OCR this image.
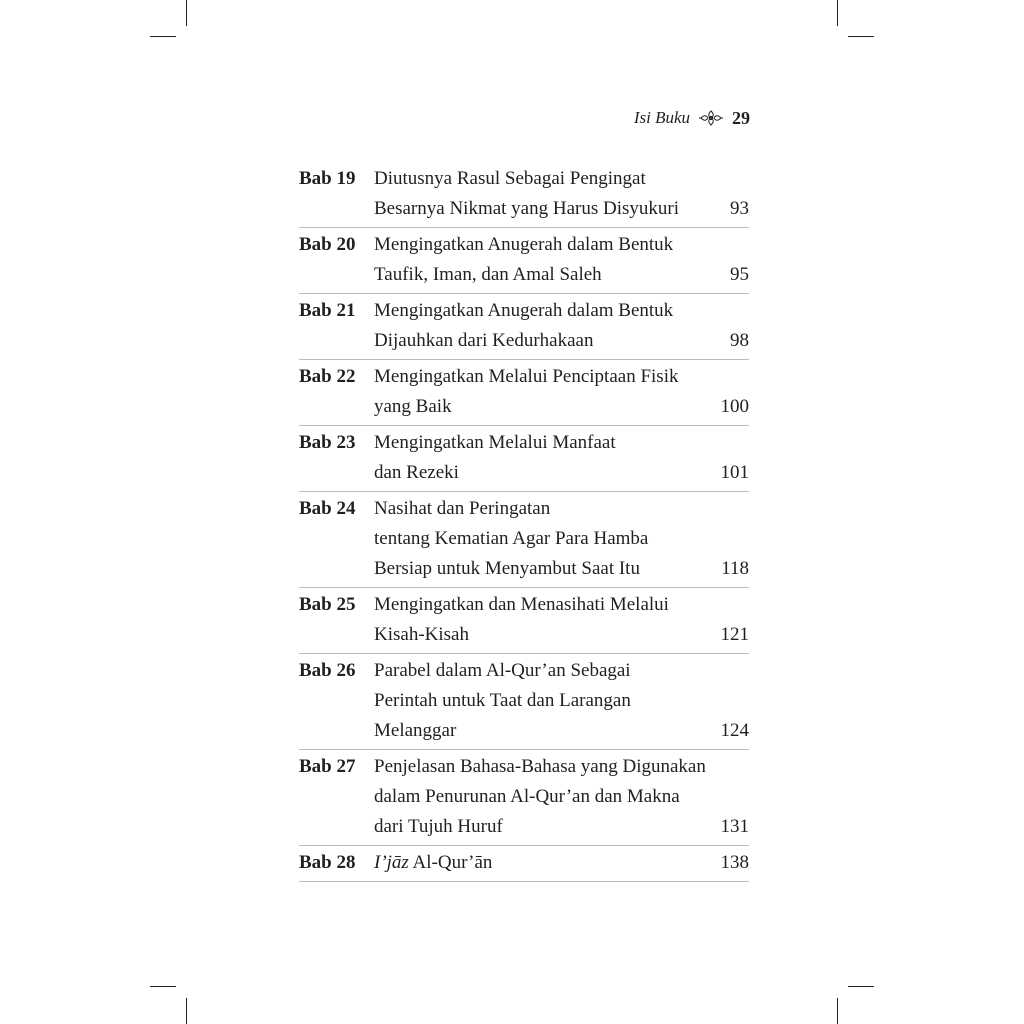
Isi Buku 29
Bab 19 Diutusnya Rasul Sebagai Pengingat
Besarnya Nikmat yang Harus Disyukuri	93
Bab 20 Mengingatkan Anugerah dalam Bentuk
Taufik, Iman, dan Amal Saleh	95
Bab 21 Mengingatkan Anugerah dalam Bentuk
Dijauhkan dari Kedurhakaan	98
Bab 22 Mengingatkan Melalui Penciptaan Fisik
yang Baik	100
Bab 23 Mengingatkan Melalui Manfaat
dan Rezeki	101
Bab 24 Nasihat dan Peringatan
tentang Kematian Agar Para Hamba
Bersiap untuk Menyambut Saat Itu	118
Bab 25 Mengingatkan dan Menasihati Melalui
Kisah-Kisah	121
Bab 26 Parabel dalam Al-Qur’an Sebagai
Perintah untuk Taat dan Larangan
Melanggar	124
Bab 27 Penjelasan Bahasa-Bahasa yang Digunakan
dalam Penurunan Al-Qur’an dan Makna
dari Tujuh Huruf	131
Bab 28 I’jāz Al-Qur’ān	138
